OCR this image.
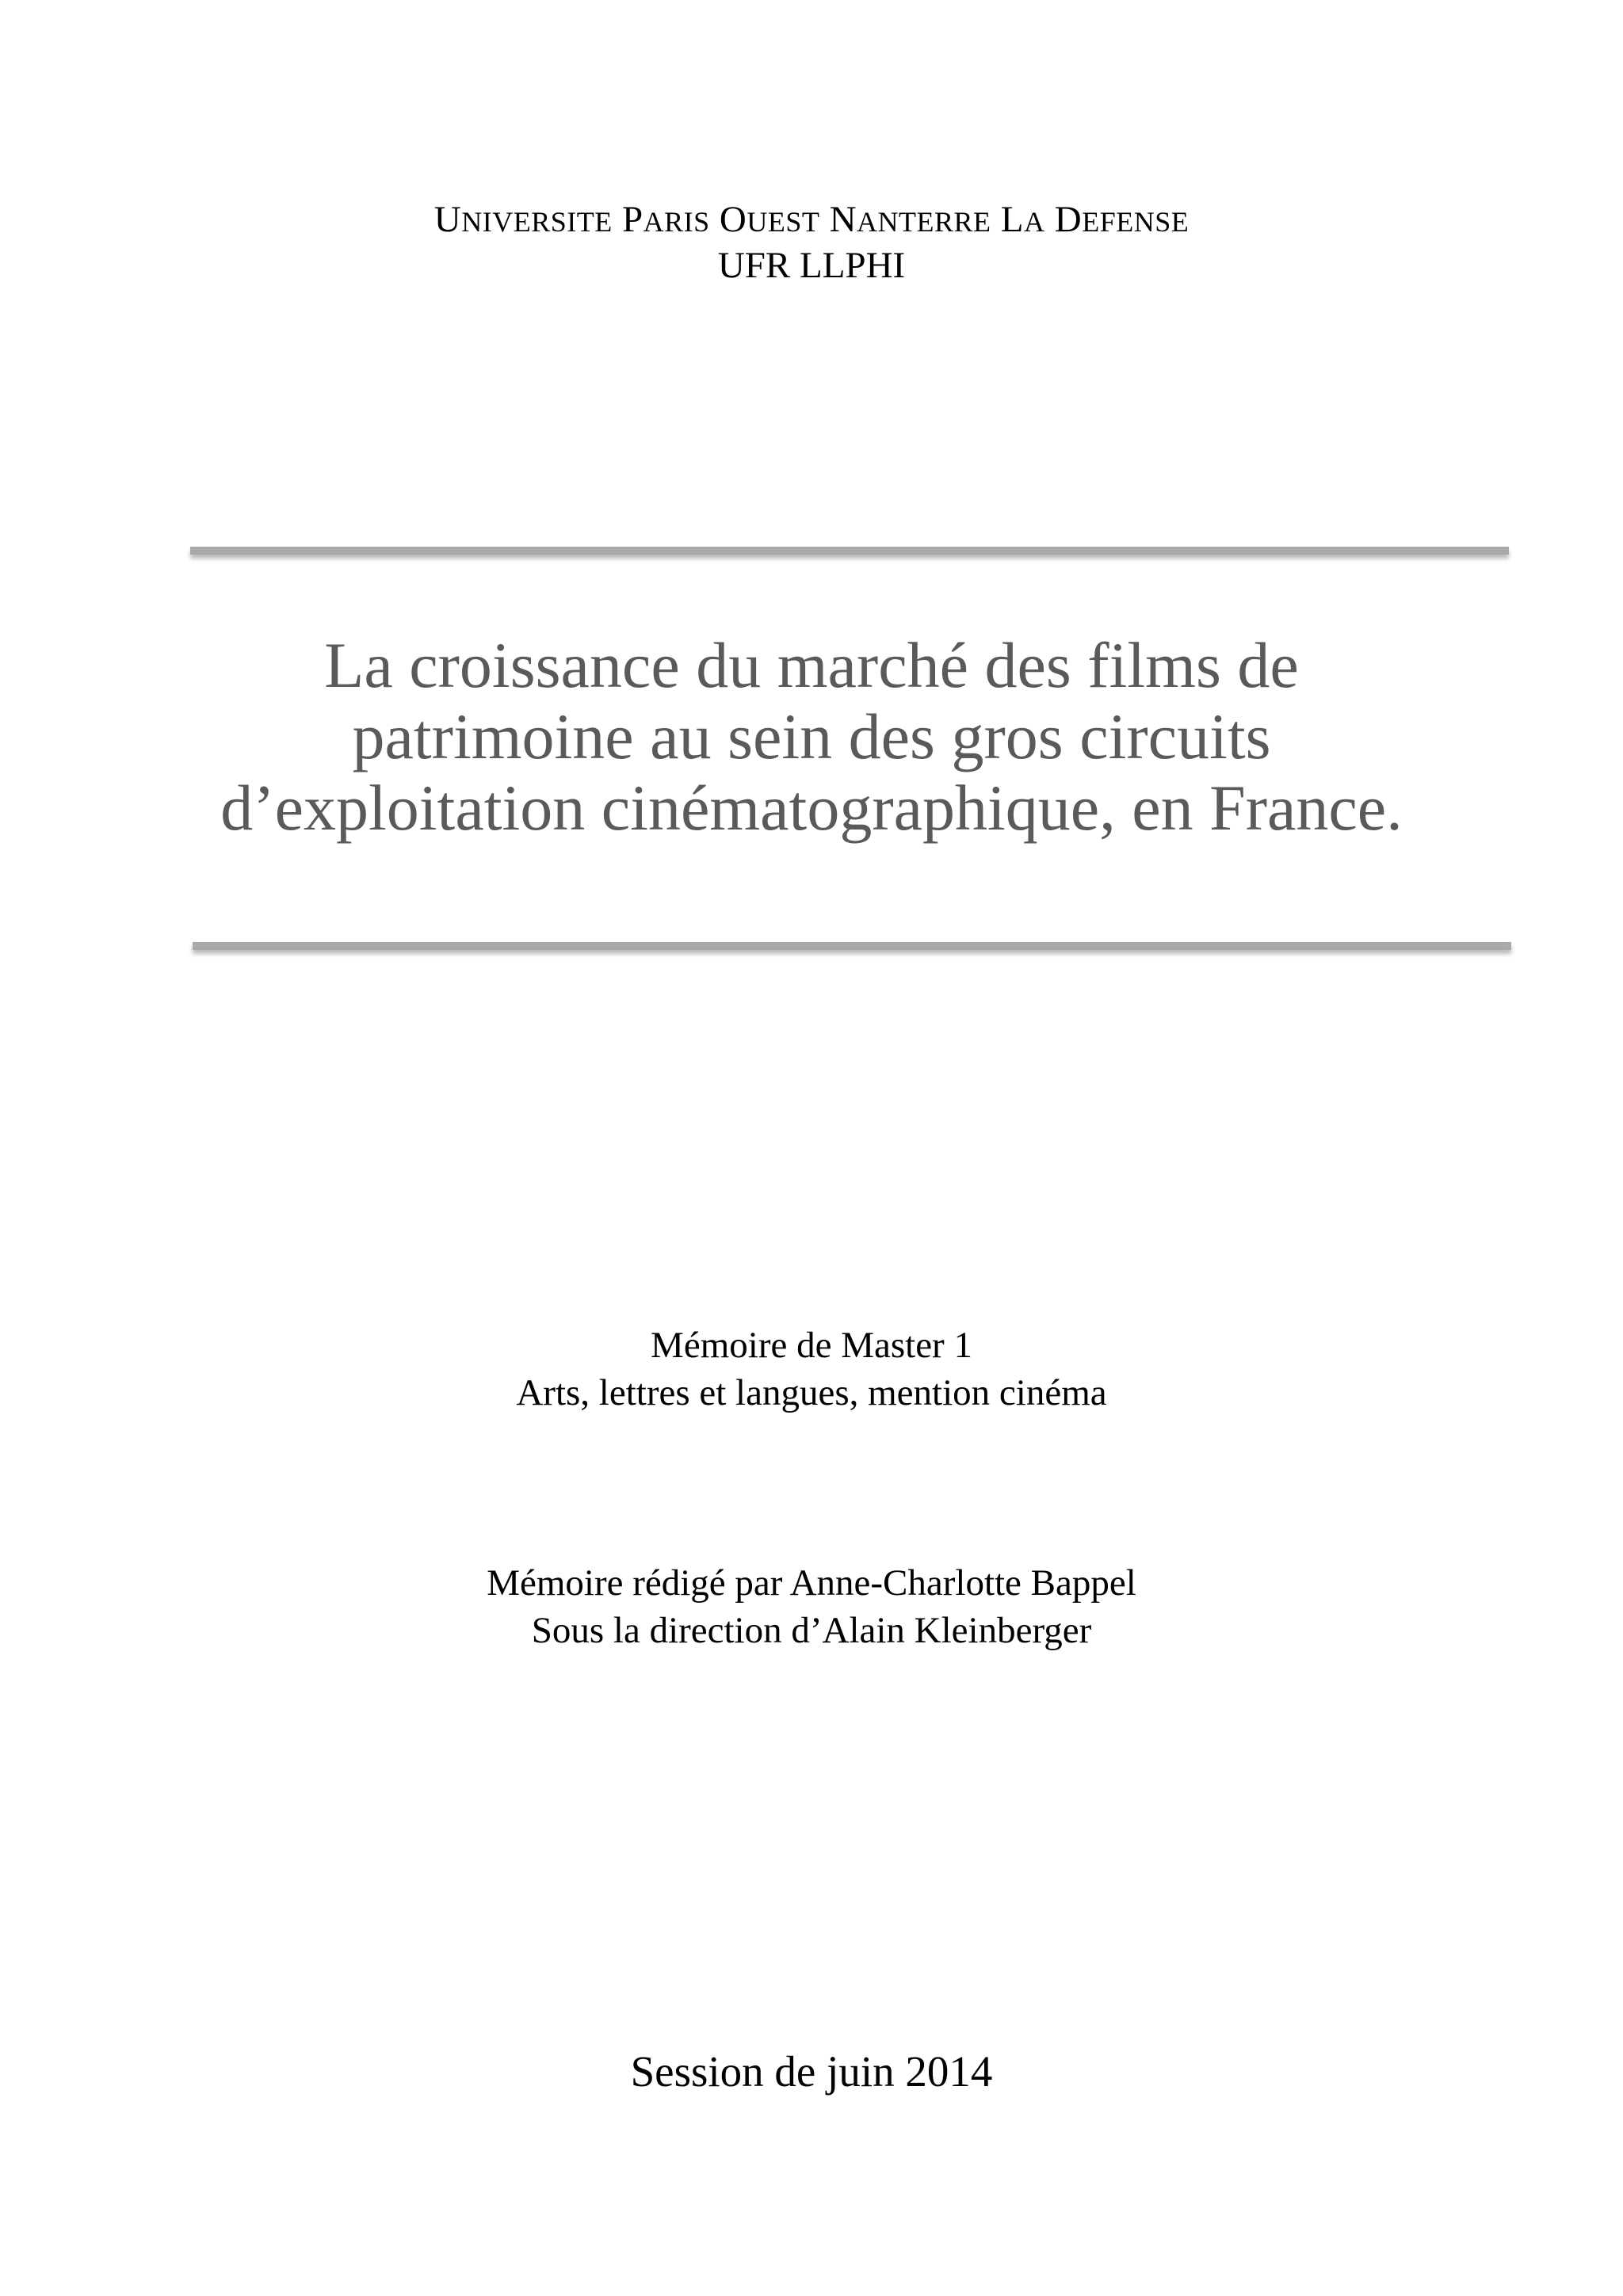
UNIVERSITE PARIS OUEST NANTERRE LA DEFENSE
UFR LLPHI
La croissance du marché des films de
patrimoine au sein des gros circuits
d’exploitation cinématographique, en France.
Mémoire de Master 1
Arts, lettres et langues, mention cinéma
Mémoire rédigé par Anne-Charlotte Bappel
Sous la direction d’Alain Kleinberger
Session de juin 2014
